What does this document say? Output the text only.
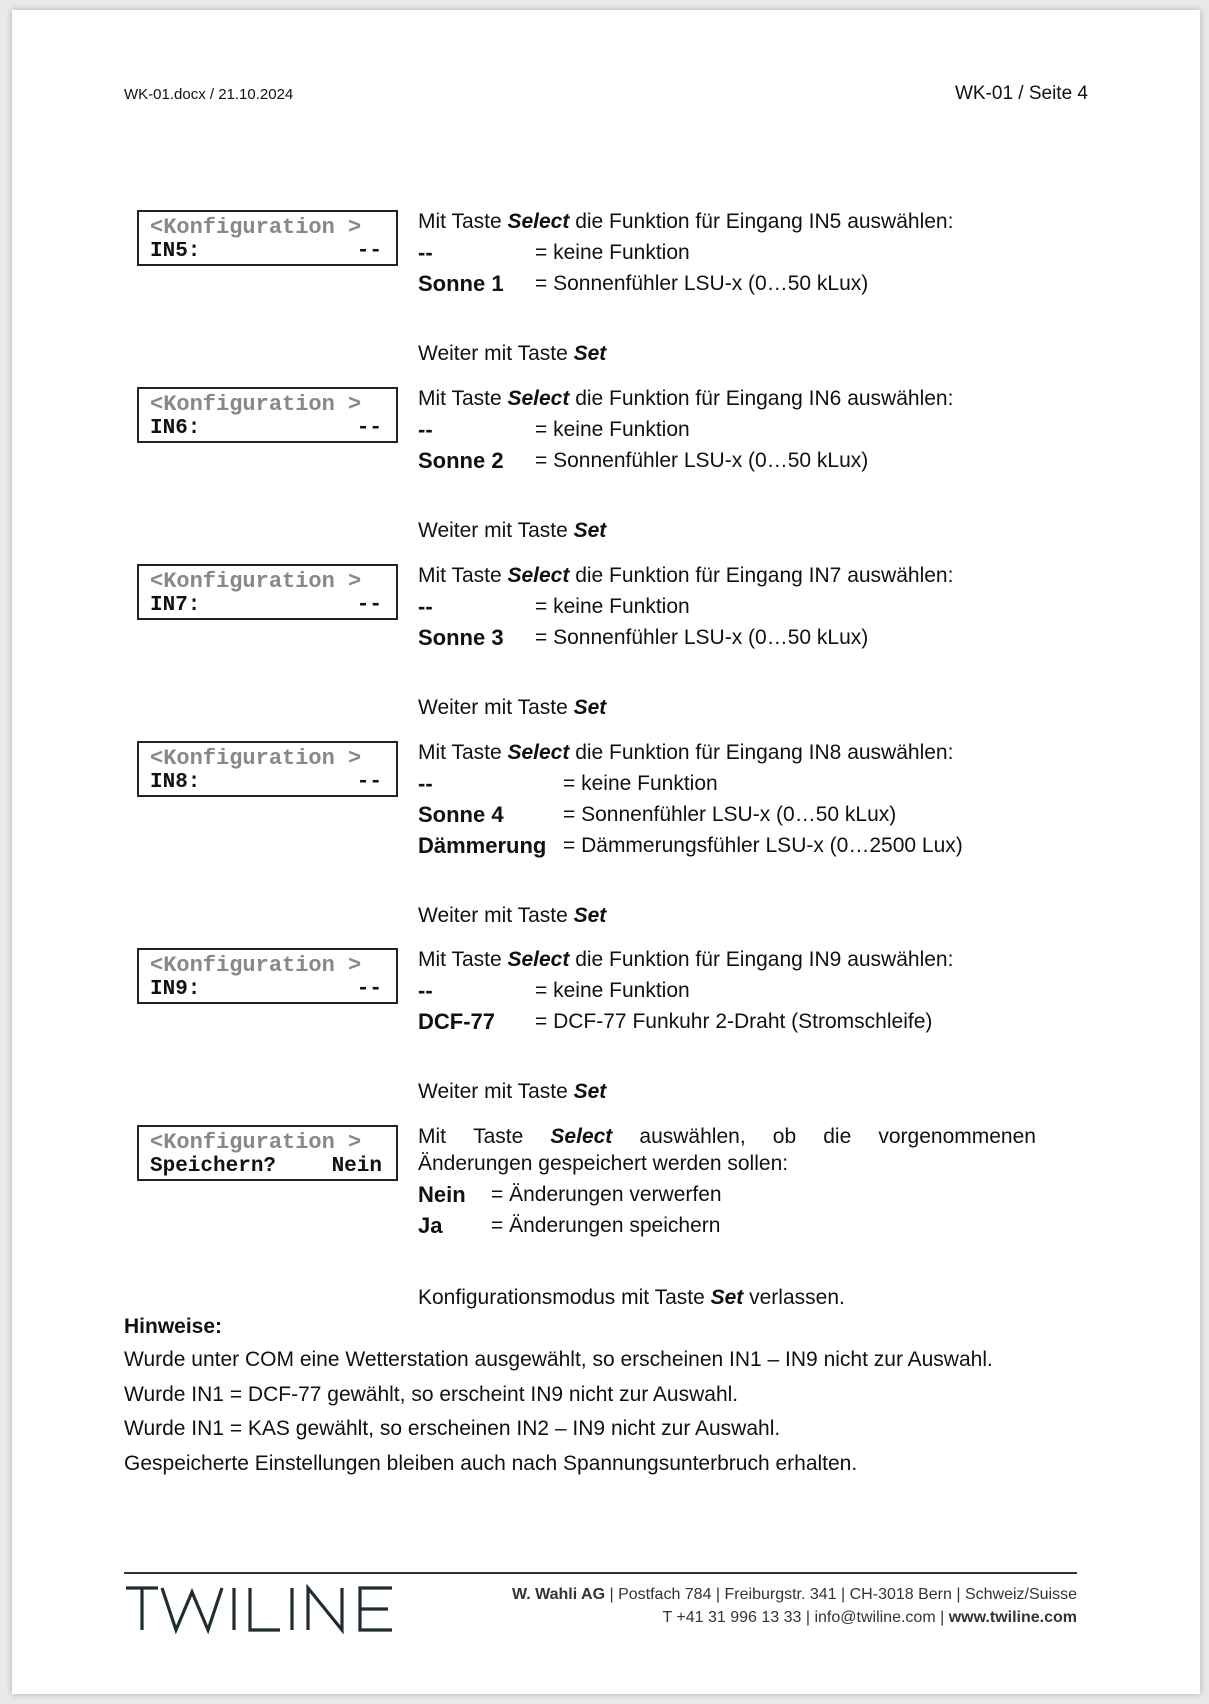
WK-01.docx / 21.10.2024	WK-01 / Seite 4
<Konfiguration >
IN5:	--
Mit Taste Select die Funktion für Eingang IN5 auswählen:
--	= keine Funktion
Sonne 1 = Sonnenfühler LSU-x (0…50 kLux)
Weiter mit Taste Set
<Konfiguration >
IN6:	--
Mit Taste Select die Funktion für Eingang IN6 auswählen:
--	= keine Funktion
Sonne 2 = Sonnenfühler LSU-x (0…50 kLux)
Weiter mit Taste Set
<Konfiguration >
IN7:	--
Mit Taste Select die Funktion für Eingang IN7 auswählen:
--	= keine Funktion
Sonne 3 = Sonnenfühler LSU-x (0…50 kLux)
Weiter mit Taste Set
<Konfiguration >
IN8:	--
Mit Taste Select die Funktion für Eingang IN8 auswählen:
--	= keine Funktion
Sonne 4	= Sonnenfühler LSU-x (0…50 kLux)
Dämmerung = Dämmerungsfühler LSU-x (0…2500 Lux)
Weiter mit Taste Set
<Konfiguration >
IN9:	--
Mit Taste Select die Funktion für Eingang IN9 auswählen:
--	= keine Funktion
DCF-77 = DCF-77 Funkuhr 2-Draht (Stromschleife)
Weiter mit Taste Set
<Konfiguration >
Speichern?	Nein
Mit Taste Select auswählen, ob die vorgenommenen
Änderungen gespeichert werden sollen:
Nein = Änderungen verwerfen
Ja = Änderungen speichern
Konfigurationsmodus mit Taste Set verlassen.
Hinweise:
Wurde unter COM eine Wetterstation ausgewählt, so erscheinen IN1 – IN9 nicht zur Auswahl.
Wurde IN1 = DCF-77 gewählt, so erscheint IN9 nicht zur Auswahl.
Wurde IN1 = KAS gewählt, so erscheinen IN2 – IN9 nicht zur Auswahl.
Gespeicherte Einstellungen bleiben auch nach Spannungsunterbruch erhalten.
W. Wahli AG | Postfach 784 | Freiburgstr. 341 | CH-3018 Bern | Schweiz/Suisse
T +41 31 996 13 33 | info@twiline.com | www.twiline.com
